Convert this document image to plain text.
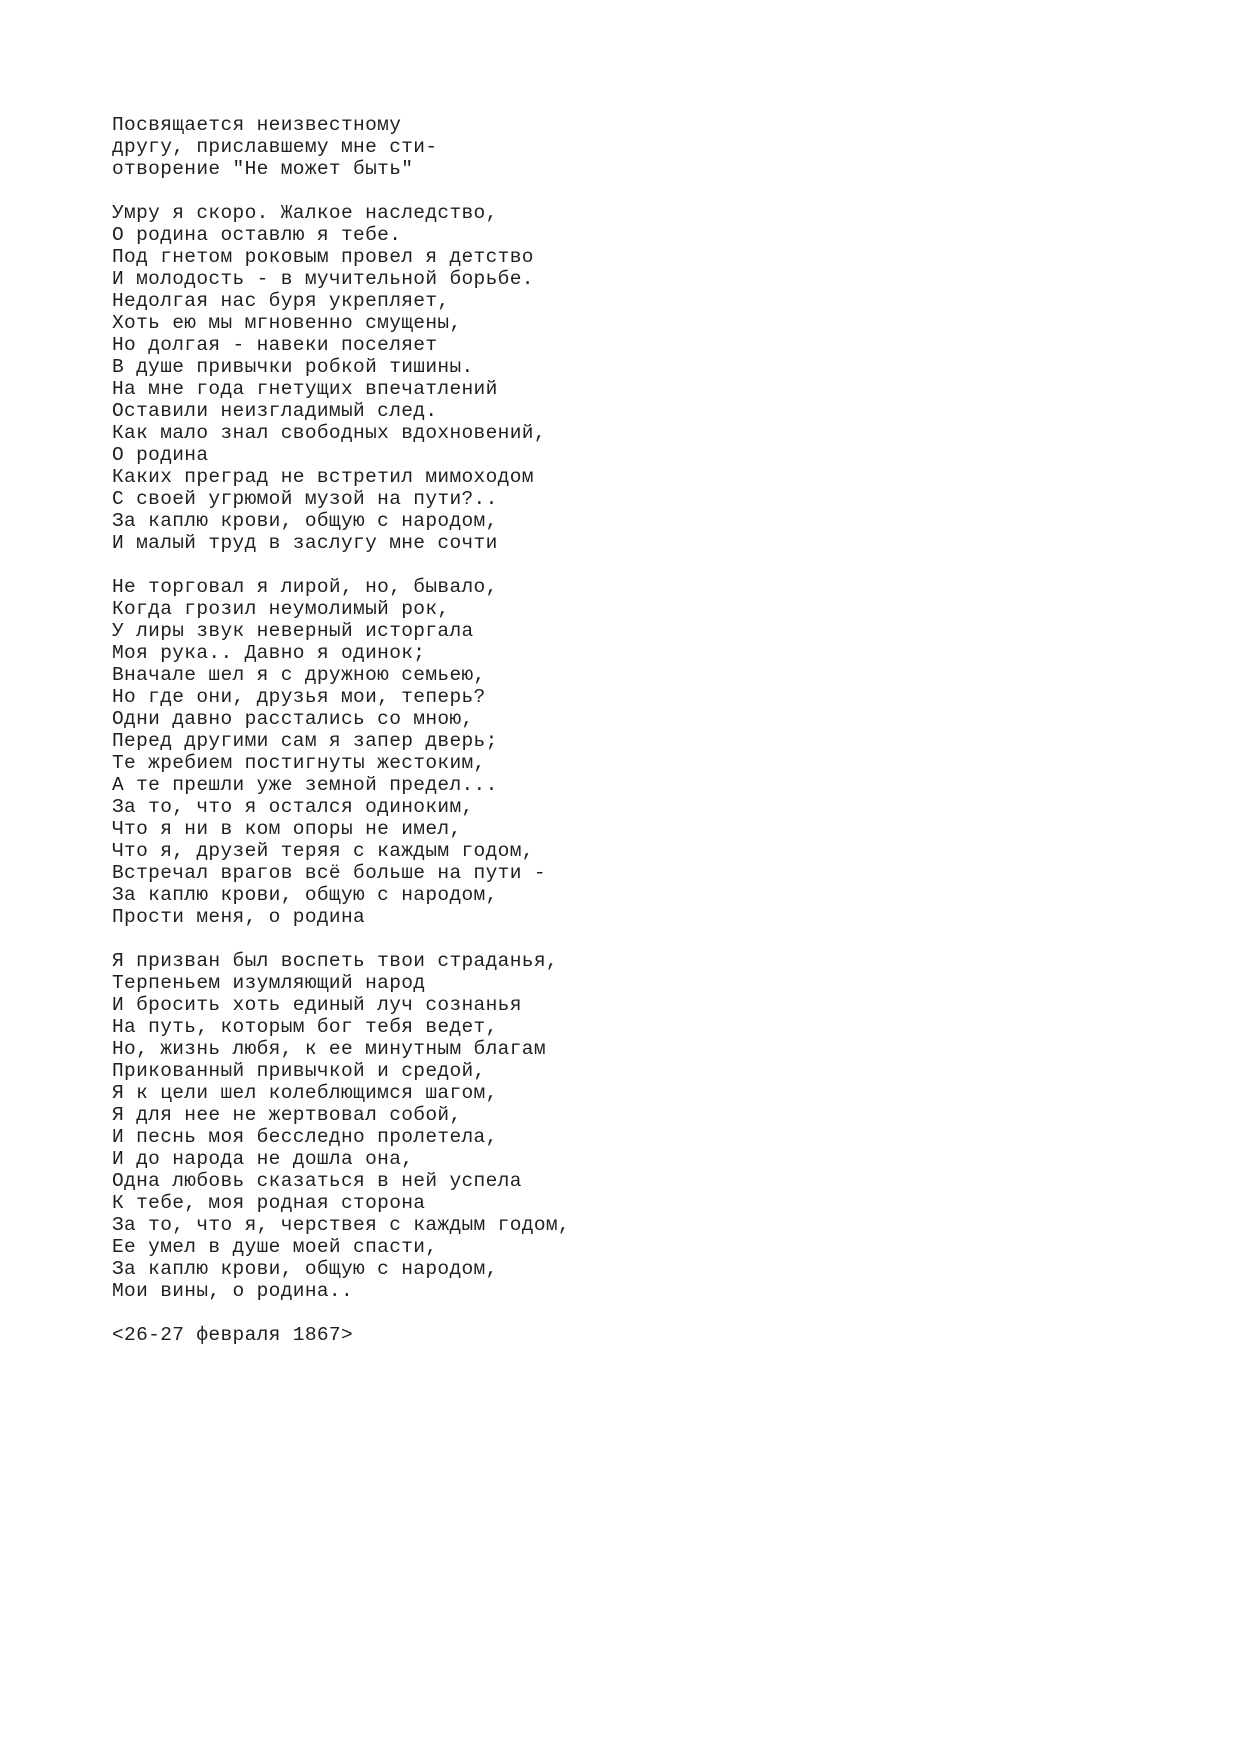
Посвящается неизвестному
другу, приславшему мне сти-
отворение "Не может быть"
Умру я скоро. Жалкое наследство,
О родина оставлю я тебе.
Под гнетом роковым провел я детство
И молодость - в мучительной борьбе.
Недолгая нас буря укрепляет,
Хоть ею мы мгновенно смущены,
Но долгая - навеки поселяет
В душе привычки робкой тишины.
На мне года гнетущих впечатлений
Оставили неизгладимый след.
Как мало знал свободных вдохновений,
О родина
Каких преград не встретил мимоходом
С своей угрюмой музой на пути?..
За каплю крови, общую с народом,
И малый труд в заслугу мне сочти
Не торговал я лирой, но, бывало,
Когда грозил неумолимый рок,
У лиры звук неверный исторгала
Моя рука.. Давно я одинок;
Вначале шел я с дружною семьею,
Но где они, друзья мои, теперь?
Одни давно расстались со мною,
Перед другими сам я запер дверь;
Те жребием постигнуты жестоким,
А те прешли уже земной предел...
За то, что я остался одиноким,
Что я ни в ком опоры не имел,
Что я, друзей теряя с каждым годом,
Встречал врагов всё больше на пути -
За каплю крови, общую с народом,
Прости меня, о родина
Я призван был воспеть твои страданья,
Терпеньем изумляющий народ
И бросить хоть единый луч сознанья
На путь, которым бог тебя ведет,
Но, жизнь любя, к ее минутным благам
Прикованный привычкой и средой,
Я к цели шел колеблющимся шагом,
Я для нее не жертвовал собой,
И песнь моя бесследно пролетела,
И до народа не дошла она,
Одна любовь сказаться в ней успела
К тебе, моя родная сторона
За то, что я, черствея с каждым годом,
Ее умел в душе моей спасти,
За каплю крови, общую с народом,
Мои вины, о родина..
<26-27 февраля 1867>
